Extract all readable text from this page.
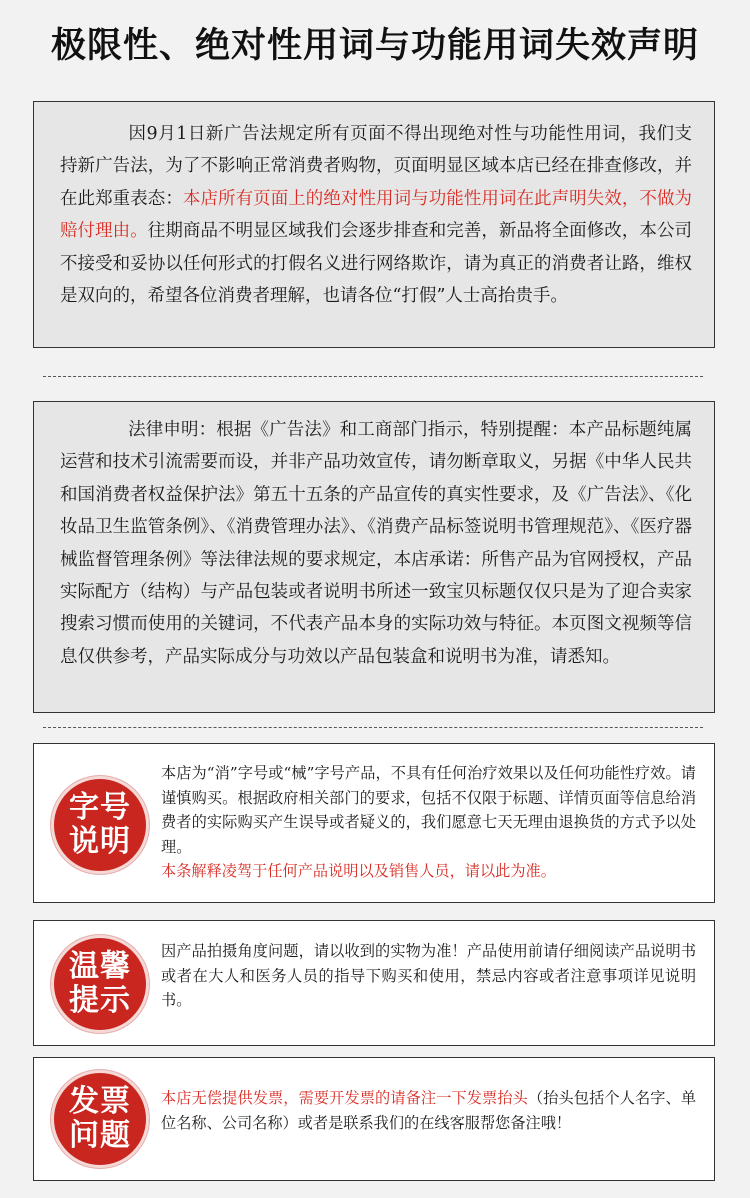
极限性、绝对性用词与功能用词失效声明

因9月1日新广告法规定所有页面不得出现绝对性与功能性用词，我们支持新广告法，为了不影响正常消费者购物，页面明显区域本店已经在排查修改，并在此郑重表态：本店所有页面上的绝对性用词与功能性用词在此声明失效，不做为赔付理由。往期商品不明显区域我们会逐步排查和完善，新品将全面修改，本公司不接受和妥协以任何形式的打假名义进行网络欺诈，请为真正的消费者让路，维权是双向的，希望各位消费者理解，也请各位“打假”人士高抬贵手。

法律申明：根据《广告法》和工商部门指示，特别提醒：本产品标题纯属运营和技术引流需要而设，并非产品功效宣传，请勿断章取义，另据《中华人民共和国消费者权益保护法》第五十五条的产品宣传的真实性要求，及《广告法》、《化妆品卫生监管条例》、《消费管理办法》、《消费产品标签说明书管理规范》、《医疗器械监督管理条例》等法律法规的要求规定，本店承诺：所售产品为官网授权，产品实际配方（结构）与产品包装或者说明书所述一致宝贝标题仅仅只是为了迎合卖家搜索习惯而使用的关键词，不代表产品本身的实际功效与特征。本页图文视频等信息仅供参考，产品实际成分与功效以产品包装盒和说明书为准，请悉知。

字号
说明

本店为“消”字号或“械”字号产品，不具有任何治疗效果以及任何功能性疗效。请谨慎购买。根据政府相关部门的要求，包括不仅限于标题、详情页面等信息给消费者的实际购买产生误导或者疑义的，我们愿意七天无理由退换货的方式予以处理。
本条解释凌驾于任何产品说明以及销售人员，请以此为准。

温馨
提示

因产品拍摄角度问题，请以收到的实物为准！产品使用前请仔细阅读产品说明书或者在大人和医务人员的指导下购买和使用，禁忌内容或者注意事项详见说明书。

发票
问题

本店无偿提供发票，需要开发票的请备注一下发票抬头（抬头包括个人名字、单位名称、公司名称）或者是联系我们的在线客服帮您备注哦！
